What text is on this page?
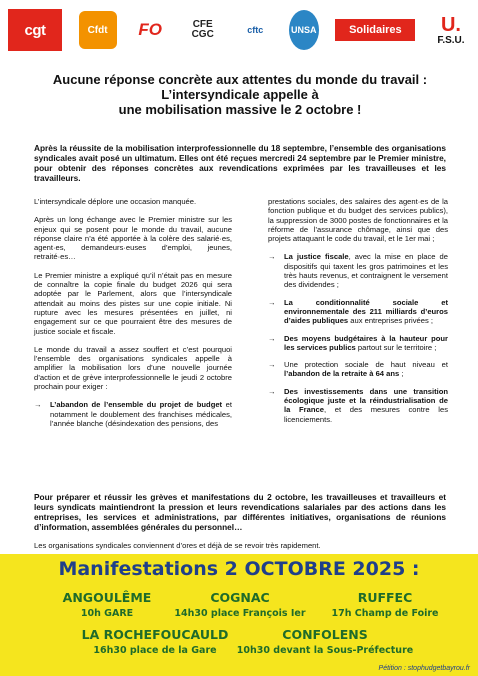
cgt	Cfdt	FO	CFE CGC	cftc	UNSA	Solidaires	U.
F.S.U.
Aucune réponse concrète aux attentes du monde du travail :
L’intersyndicale appelle à
une mobilisation massive le 2 octobre !
Après la réussite de la mobilisation interprofessionnelle du 18 septembre, l’ensemble des organisations syndicales avait posé un ultimatum. Elles ont été reçues mercredi 24 septembre par le Premier ministre, pour obtenir des réponses concrètes aux revendications exprimées par les travailleuses et les travailleurs.

L’intersyndicale déplore une occasion manquée.

Après un long échange avec le Premier ministre sur les enjeux qui se posent pour le monde du travail, aucune réponse claire n’a été apportée à la colère des salarié·es, agent·es, demandeurs·euses d’emploi, jeunes, retraité·es…

Le Premier ministre a expliqué qu’il n’était pas en mesure de connaître la copie finale du budget 2026 qui sera adoptée par le Parlement, alors que l’intersyndicale attendait au moins des pistes sur une copie initiale. Ni rupture avec les mesures présentées en juillet, ni engagement sur ce que pourraient être des mesures de justice sociale et fiscale.

Le monde du travail a assez souffert et c’est pourquoi l’ensemble des organisations syndicales appelle à amplifier la mobilisation lors d’une nouvelle journée d’action et de grève interprofessionnelle le jeudi 2 octobre prochain pour exiger :

→	L’abandon de l’ensemble du projet de budget et notamment le doublement des franchises médicales, l’année blanche (désindexation des pensions, des

prestations sociales, des salaires des agent·es de la fonction publique et du budget des services publics), la suppression de 3000 postes de fonctionnaires et la réforme de l’assurance chômage, ainsi que des projets attaquant le code du travail, et le 1er mai ;

→	La justice fiscale, avec la mise en place de dispositifs qui taxent les gros patrimoines et les très hauts revenus, et contraignent le versement des dividendes ;
→	La conditionnalité sociale et environnementale des 211 milliards d’euros d’aides publiques aux entreprises privées ;
→	Des moyens budgétaires à la hauteur pour les services publics partout sur le territoire ;
→	Une protection sociale de haut niveau et l’abandon de la retraite à 64 ans ;
→	Des investissements dans une transition écologique juste et la réindustrialisation de la France, et des mesures contre les licenciements.
Pour préparer et réussir les grèves et manifestations du 2 octobre, les travailleuses et travailleurs et leurs syndicats maintiendront la pression et leurs revendications salariales par des actions dans les entreprises, les services et administrations, par différentes initiatives, organisations de réunions d’information, assemblées générales du personnel…
Les organisations syndicales conviennent d’ores et déjà de se revoir très rapidement.
Manifestations 2 OCTOBRE 2025 :
ANGOULÊME
10h GARE
COGNAC
14h30 place François Ier
RUFFEC
17h Champ de Foire
LA ROCHEFOUCAULD
16h30 place de la Gare
CONFOLENS
10h30 devant la Sous-Préfecture
Pétition : stophudgetbayrou.fr
